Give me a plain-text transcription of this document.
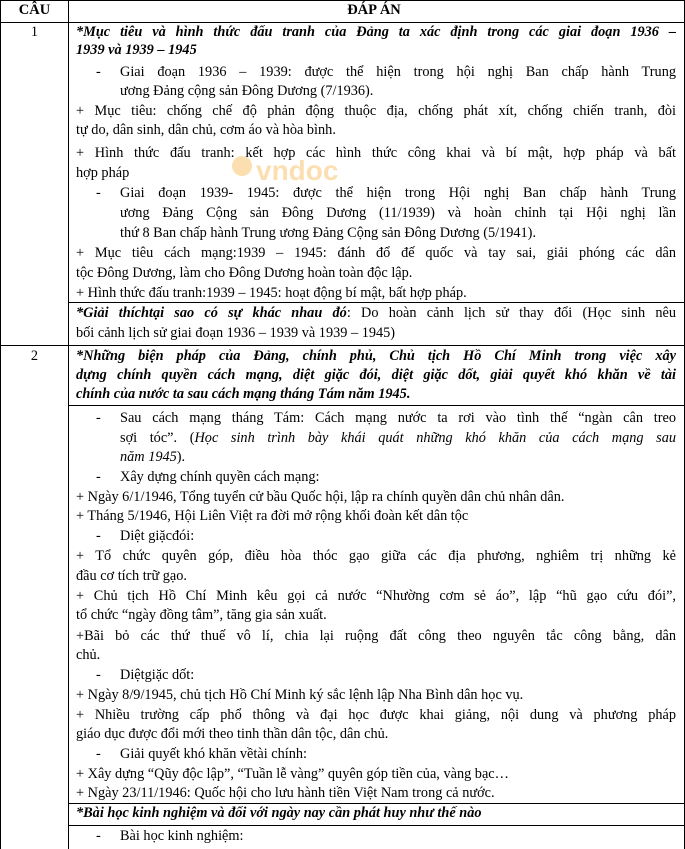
CÂU	ĐÁP ÁN
vndoc
1	*Mục tiêu và hình thức đấu tranh của Đảng ta xác định trong các giai đoạn 1936 –
1939 và 1939 – 1945
- Giai đoạn 1936 – 1939: được thể hiện trong hội nghị Ban chấp hành Trung
ương Đảng cộng sản Đông Dương (7/1936).
+ Mục tiêu: chống chế độ phản động thuộc địa, chống phát xít, chống chiến tranh, đòi
tự do, dân sinh, dân chủ, cơm áo và hòa bình.
+ Hình thức đấu tranh: kết hợp các hình thức công khai và bí mật, hợp pháp và bất
hợp pháp
- Giai đoạn 1939- 1945: được thể hiện trong Hội nghị Ban chấp hành Trung
ương Đảng Cộng sản Đông Dương (11/1939) và hoàn chỉnh tại Hội nghị lần
thứ 8 Ban chấp hành Trung ương Đảng Cộng sản Đông Dương (5/1941).
+ Mục tiêu cách mạng:1939 – 1945: đánh đổ đế quốc và tay sai, giải phóng các dân
tộc Đông Dương, làm cho Đông Dương hoàn toàn độc lập.
+ Hình thức đấu tranh:1939 – 1945: hoạt động bí mật, bất hợp pháp.
*Giải thíchtại sao có sự khác nhau đó: Do hoàn cảnh lịch sử thay đổi (Học sinh nêu
bối cảnh lịch sử giai đoạn 1936 – 1939 và 1939 – 1945)
2	*Những biện pháp của Đảng, chính phủ, Chủ tịch Hồ Chí Minh trong việc xây
dựng chính quyền cách mạng, diệt giặc đói, diệt giặc dốt, giải quyết khó khăn về tài
chính của nước ta sau cách mạng tháng Tám năm 1945.
- Sau cách mạng tháng Tám: Cách mạng nước ta rơi vào tình thế “ngàn cân treo
sợi tóc”. (Học sinh trình bày khái quát những khó khăn của cách mạng sau
năm 1945).
- Xây dựng chính quyền cách mạng:
+ Ngày 6/1/1946, Tổng tuyển cử bầu Quốc hội, lập ra chính quyền dân chủ nhân dân.
+ Tháng 5/1946, Hội Liên Việt ra đời mở rộng khối đoàn kết dân tộc
- Diệt giặcđói:
+ Tổ chức quyên góp, điều hòa thóc gạo giữa các địa phương, nghiêm trị những kẻ
đầu cơ tích trữ gạo.
+ Chủ tịch Hồ Chí Minh kêu gọi cả nước “Nhường cơm sẻ áo”, lập “hũ gạo cứu đói”,
tổ chức “ngày đồng tâm”, tăng gia sản xuất.
+Bãi bỏ các thứ thuế vô lí, chia lại ruộng đất công theo nguyên tắc công bằng, dân
chủ.
- Diệtgiặc dốt:
+ Ngày 8/9/1945, chủ tịch Hồ Chí Minh ký sắc lệnh lập Nha Bình dân học vụ.
+ Nhiều trường cấp phổ thông và đại học được khai giảng, nội dung và phương pháp
giáo dục được đổi mới theo tinh thần dân tộc, dân chủ.
- Giải quyết khó khăn vềtài chính:
+ Xây dựng “Qũy độc lập”, “Tuần lễ vàng” quyên góp tiền của, vàng bạc…
+ Ngày 23/11/1946: Quốc hội cho lưu hành tiền Việt Nam trong cả nước.
*Bài học kinh nghiệm và đối với ngày nay cần phát huy như thế nào
- Bài học kinh nghiệm:
